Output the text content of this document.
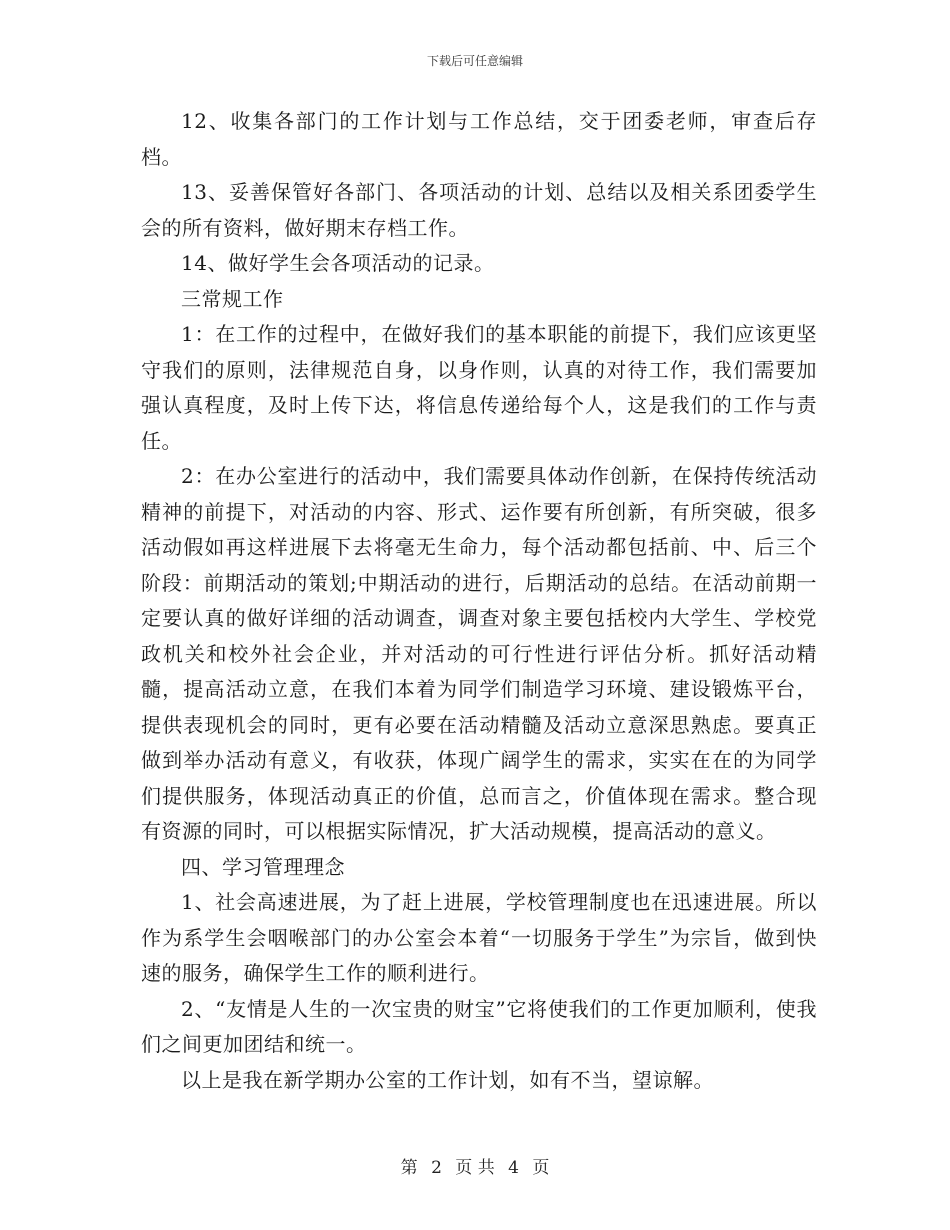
下载后可任意编辑

12、收集各部门的工作计划与工作总结，交于团委老师，审查后存档。

13、妥善保管好各部门、各项活动的计划、总结以及相关系团委学生会的所有资料，做好期末存档工作。

14、做好学生会各项活动的记录。

三常规工作

1：在工作的过程中，在做好我们的基本职能的前提下，我们应该更坚守我们的原则，法律规范自身，以身作则，认真的对待工作，我们需要加强认真程度，及时上传下达，将信息传递给每个人，这是我们的工作与责任。

2：在办公室进行的活动中，我们需要具体动作创新，在保持传统活动精神的前提下，对活动的内容、形式、运作要有所创新，有所突破，很多活动假如再这样进展下去将毫无生命力，每个活动都包括前、中、后三个阶段：前期活动的策划;中期活动的进行，后期活动的总结。在活动前期一定要认真的做好详细的活动调查，调查对象主要包括校内大学生、学校党政机关和校外社会企业，并对活动的可行性进行评估分析。抓好活动精髓，提高活动立意，在我们本着为同学们制造学习环境、建设锻炼平台，提供表现机会的同时，更有必要在活动精髓及活动立意深思熟虑。要真正做到举办活动有意义，有收获，体现广阔学生的需求，实实在在的为同学们提供服务，体现活动真正的价值，总而言之，价值体现在需求。整合现有资源的同时，可以根据实际情况，扩大活动规模，提高活动的意义。

四、学习管理理念

1、社会高速进展，为了赶上进展，学校管理制度也在迅速进展。所以作为系学生会咽喉部门的办公室会本着“一切服务于学生”为宗旨，做到快速的服务，确保学生工作的顺利进行。

2、“友情是人生的一次宝贵的财宝”它将使我们的工作更加顺利，使我们之间更加团结和统一。

以上是我在新学期办公室的工作计划，如有不当，望谅解。

第 2 页 共 4 页
